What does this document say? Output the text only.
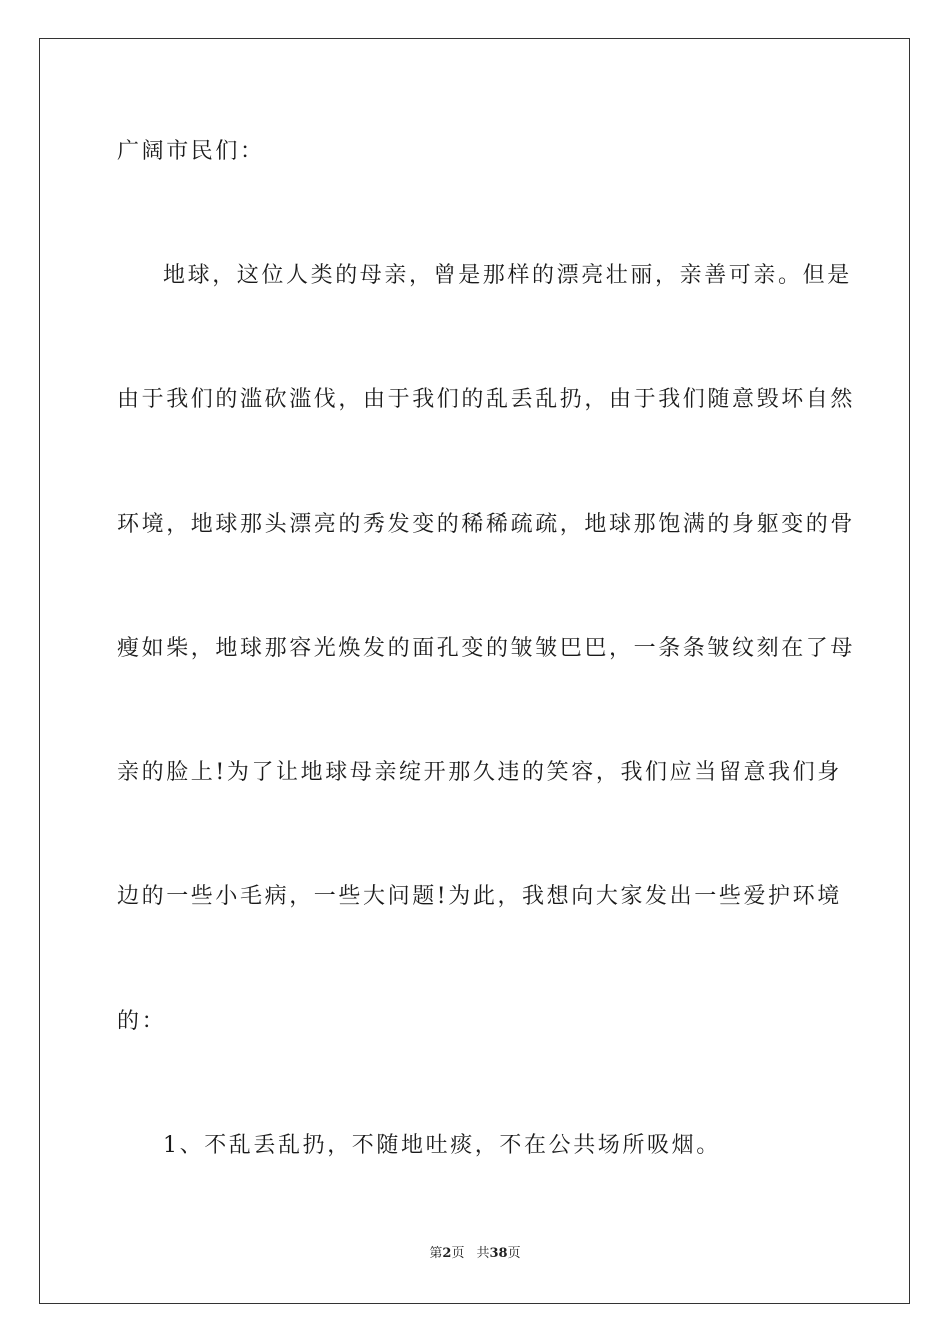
广阔市民们：
地球，这位人类的母亲，曾是那样的漂亮壮丽，亲善可亲。但是
由于我们的滥砍滥伐，由于我们的乱丢乱扔，由于我们随意毁坏自然
环境，地球那头漂亮的秀发变的稀稀疏疏，地球那饱满的身躯变的骨
瘦如柴，地球那容光焕发的面孔变的皱皱巴巴，一条条皱纹刻在了母
亲的脸上!为了让地球母亲绽开那久违的笑容，我们应当留意我们身
边的一些小毛病，一些大问题!为此，我想向大家发出一些爱护环境
的：
1、不乱丢乱扔，不随地吐痰，不在公共场所吸烟。
第2页 共38页
